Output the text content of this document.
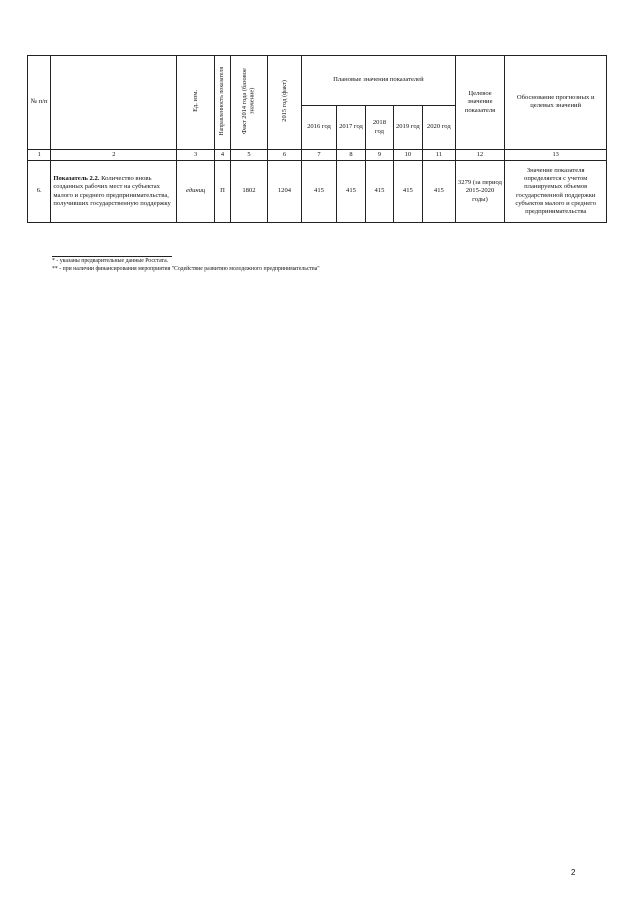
№ п/п		Ед. изм.	Направленность показателя	Факт 2014 года (базовое значение)	2015 год (факт)	Плановые значения показателей					Целевое значение показателя	Обоснование прогнозных и целевых значений
						2016 год	2017 год	2018 год	2019 год	2020 год		
1	2	3	4	5	6	7	8	9	10	11	12	13
6.	Показатель 2.2. Количество вновь созданных рабочих мест на субъектах малого и среднего предпринимательства, получивших государственную поддержку	единиц	П	1802	1204	415	415	415	415	415	3279 (за период 2015-2020 годы)	Значение показателя определяется с учетом планируемых объемов государственной поддержки субъектов малого и среднего предпринимательства
* - указаны предварительные данные Росстата.
** - при наличии финансирования мероприятия "Содействие развитию молодежного предпринимательства"
2
